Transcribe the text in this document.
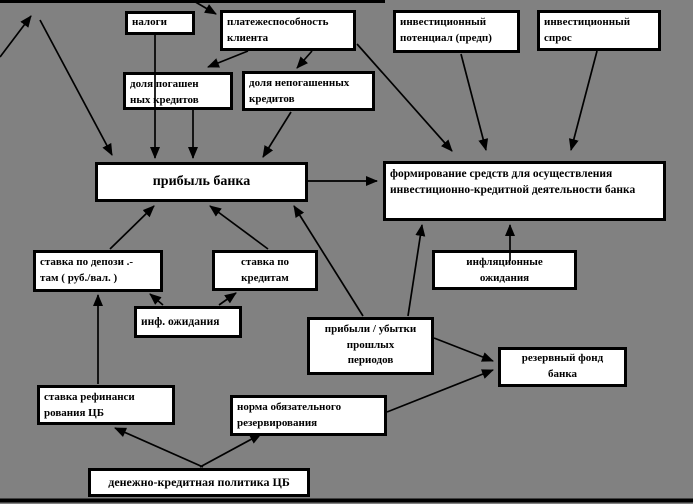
налоги	платежеспособность
клиента
инвестиционный
потенциал (предп)
инвестиционный
спрос
доля погашен
ных кредитов
доля непогашенных
кредитов
прибыль банка
формирование средств для осуществления
инвестиционно-кредитной деятельности банка
ставка по депози .-
там ( руб./вал. )
ставка по
кредитам
инфляционные
ожидания
инф. ожидания
прибыли / убытки
прошлых
периодов	резервный фонд
банка
ставка рефинанси
рования ЦБ	норма обязательного
резервирования
денежно-кредитная политика ЦБ
